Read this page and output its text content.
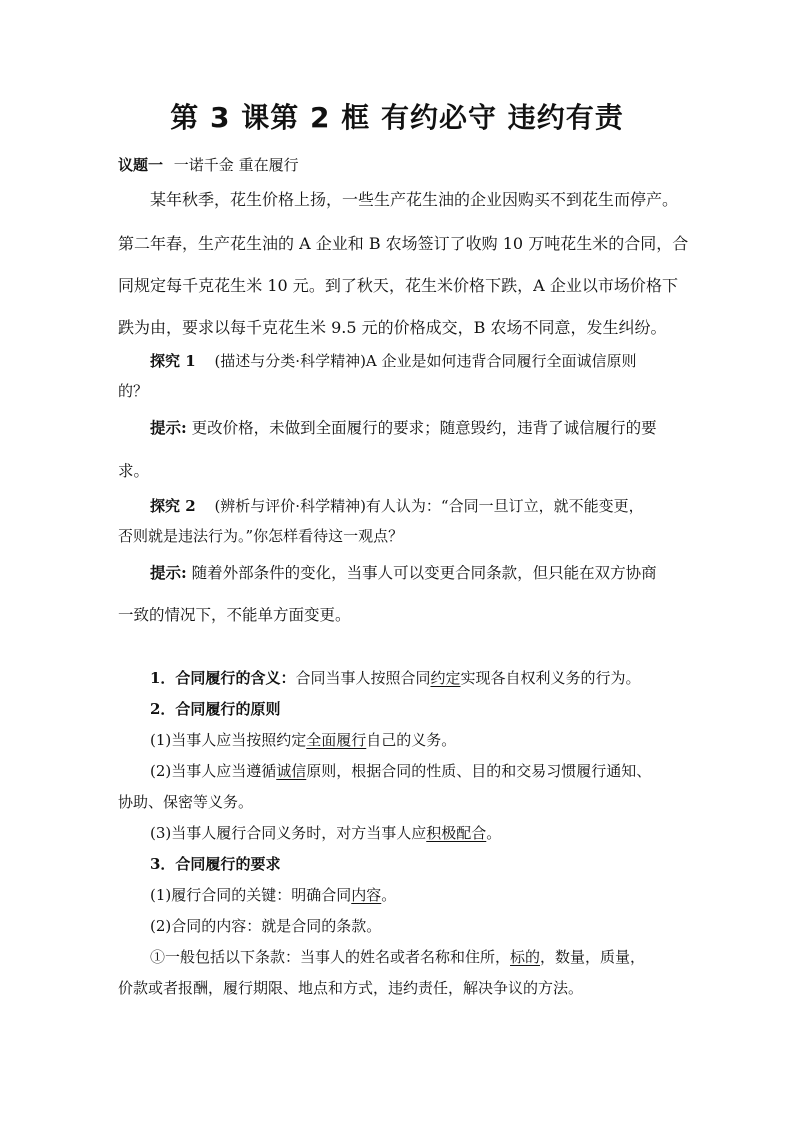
第 3 课第 2 框 有约必守 违约有责
议题一 一诺千金 重在履行
某年秋季，花生价格上扬，一些生产花生油的企业因购买不到花生而停产。
第二年春，生产花生油的 A 企业和 B 农场签订了收购 10 万吨花生米的合同，合
同规定每千克花生米 10 元。到了秋天，花生米价格下跌，A 企业以市场价格下
跌为由，要求以每千克花生米 9.5 元的价格成交，B 农场不同意，发生纠纷。
探究 1 (描述与分类·科学精神)A 企业是如何违背合同履行全面诚信原则
的？
提示: 更改价格，未做到全面履行的要求；随意毁约，违背了诚信履行的要
求。
探究 2 (辨析与评价·科学精神)有人认为：“合同一旦订立，就不能变更，
否则就是违法行为。”你怎样看待这一观点？
提示: 随着外部条件的变化，当事人可以变更合同条款，但只能在双方协商
一致的情况下，不能单方面变更。
1．合同履行的含义：合同当事人按照合同约定实现各自权利义务的行为。
2．合同履行的原则
(1)当事人应当按照约定全面履行自己的义务。
(2)当事人应当遵循诚信原则，根据合同的性质、目的和交易习惯履行通知、
协助、保密等义务。
(3)当事人履行合同义务时，对方当事人应积极配合。
3．合同履行的要求
(1)履行合同的关键：明确合同内容。
(2)合同的内容：就是合同的条款。
①一般包括以下条款：当事人的姓名或者名称和住所，标的，数量，质量，
价款或者报酬，履行期限、地点和方式，违约责任，解决争议的方法。
